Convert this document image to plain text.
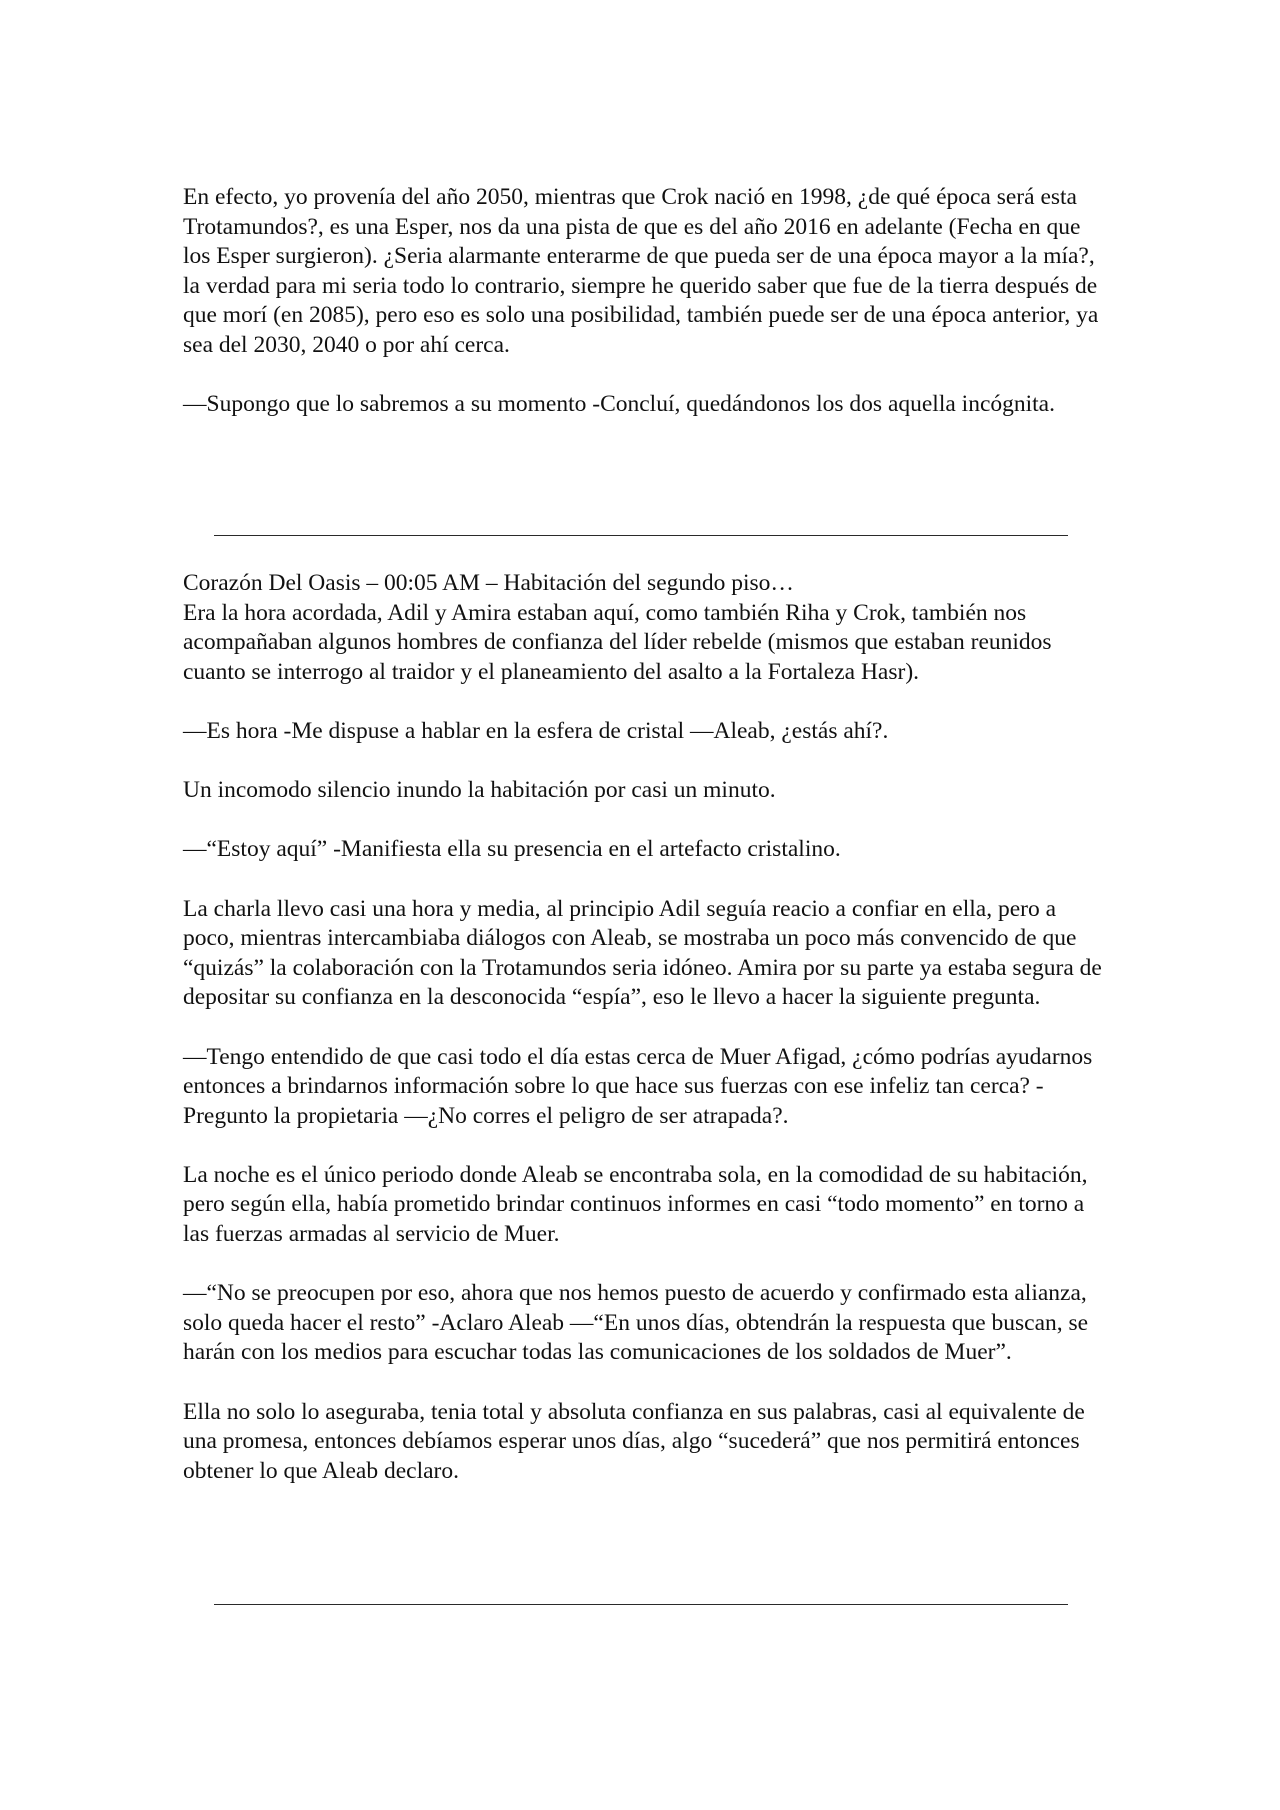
En efecto, yo provenía del año 2050, mientras que Crok nació en 1998, ¿de qué época será esta Trotamundos?, es una Esper, nos da una pista de que es del año 2016 en adelante (Fecha en que los Esper surgieron). ¿Seria alarmante enterarme de que pueda ser de una época mayor a la mía?, la verdad para mi seria todo lo contrario, siempre he querido saber que fue de la tierra después de que morí (en 2085), pero eso es solo una posibilidad, también puede ser de una época anterior, ya sea del 2030, 2040 o por ahí cerca.

—Supongo que lo sabremos a su momento -Concluí, quedándonos los dos aquella incógnita.

Corazón Del Oasis – 00:05 AM – Habitación del segundo piso…

Era la hora acordada, Adil y Amira estaban aquí, como también Riha y Crok, también nos acompañaban algunos hombres de confianza del líder rebelde (mismos que estaban reunidos cuanto se interrogo al traidor y el planeamiento del asalto a la Fortaleza Hasr).

—Es hora -Me dispuse a hablar en la esfera de cristal —Aleab, ¿estás ahí?.

Un incomodo silencio inundo la habitación por casi un minuto.

—“Estoy aquí” -Manifiesta ella su presencia en el artefacto cristalino.

La charla llevo casi una hora y media, al principio Adil seguía reacio a confiar en ella, pero a poco, mientras intercambiaba diálogos con Aleab, se mostraba un poco más convencido de que “quizás” la colaboración con la Trotamundos seria idóneo. Amira por su parte ya estaba segura de depositar su confianza en la desconocida “espía”, eso le llevo a hacer la siguiente pregunta.

—Tengo entendido de que casi todo el día estas cerca de Muer Afigad, ¿cómo podrías ayudarnos entonces a brindarnos información sobre lo que hace sus fuerzas con ese infeliz tan cerca? -Pregunto la propietaria —¿No corres el peligro de ser atrapada?.

La noche es el único periodo donde Aleab se encontraba sola, en la comodidad de su habitación, pero según ella, había prometido brindar continuos informes en casi “todo momento” en torno a las fuerzas armadas al servicio de Muer.

—“No se preocupen por eso, ahora que nos hemos puesto de acuerdo y confirmado esta alianza, solo queda hacer el resto” -Aclaro Aleab —“En unos días, obtendrán la respuesta que buscan, se harán con los medios para escuchar todas las comunicaciones de los soldados de Muer”.

Ella no solo lo aseguraba, tenia total y absoluta confianza en sus palabras, casi al equivalente de una promesa, entonces debíamos esperar unos días, algo “sucederá” que nos permitirá entonces obtener lo que Aleab declaro.
